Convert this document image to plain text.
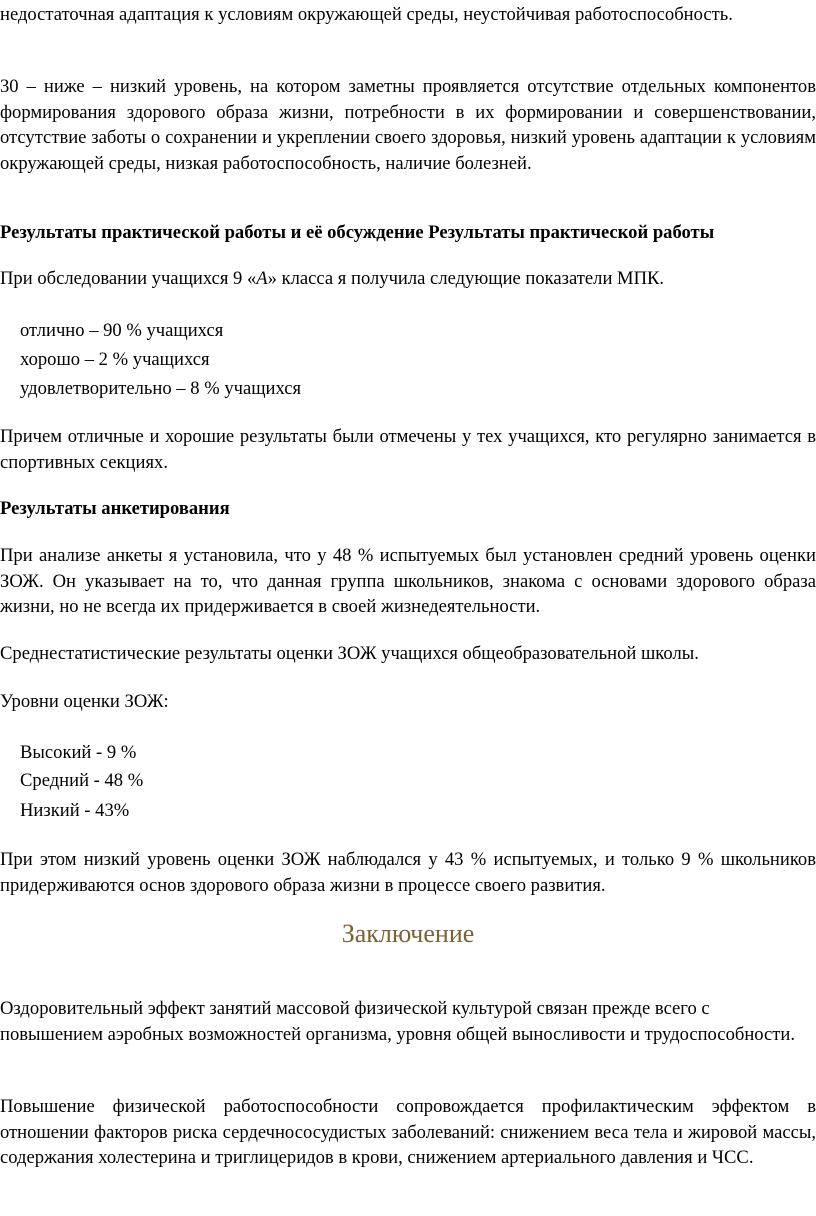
недостаточная адаптация к условиям окружающей среды, неустойчивая работоспособность.

30 – ниже – низкий уровень, на котором заметны проявляется отсутствие отдельных компонентов формирования здорового образа жизни, потребности в их формировании и совершенствовании, отсутствие заботы о сохранении и укреплении своего здоровья, низкий уровень адаптации к условиям окружающей среды, низкая работоспособность, наличие болезней.

Результаты практической работы и её обсуждение Результаты практической работы

При обследовании учащихся 9 «А» класса я получила следующие показатели МПК.

отлично – 90 % учащихся

хорошо – 2 % учащихся

удовлетворительно – 8 % учащихся

Причем отличные и хорошие результаты были отмечены у тех учащихся, кто регулярно занимается в спортивных секциях.

Результаты анкетирования

При анализе анкеты я установила, что у 48 % испытуемых был установлен средний уровень оценки ЗОЖ. Он указывает на то, что данная группа школьников, знакома с основами здорового образа жизни, но не всегда их придерживается в своей жизнедеятельности.

Среднестатистические результаты оценки ЗОЖ учащихся общеобразовательной школы.

Уровни оценки ЗОЖ:

Высокий - 9 %

Средний - 48 %

Низкий - 43%

При этом низкий уровень оценки ЗОЖ наблюдался у 43 % испытуемых, и только 9 % школьников придерживаются основ здорового образа жизни в процессе своего развития.

Заключение

Оздоровительный эффект занятий массовой физической культурой связан прежде всего с повышением аэробных возможностей организма, уровня общей выносливости и трудоспособности.

Повышение физической работоспособности сопровождается профилактическим эффектом в отношении факторов риска сердечнососудистых заболеваний: снижением веса тела и жировой массы, содержания холестерина и триглицеридов в крови, снижением артериального давления и ЧСС.
